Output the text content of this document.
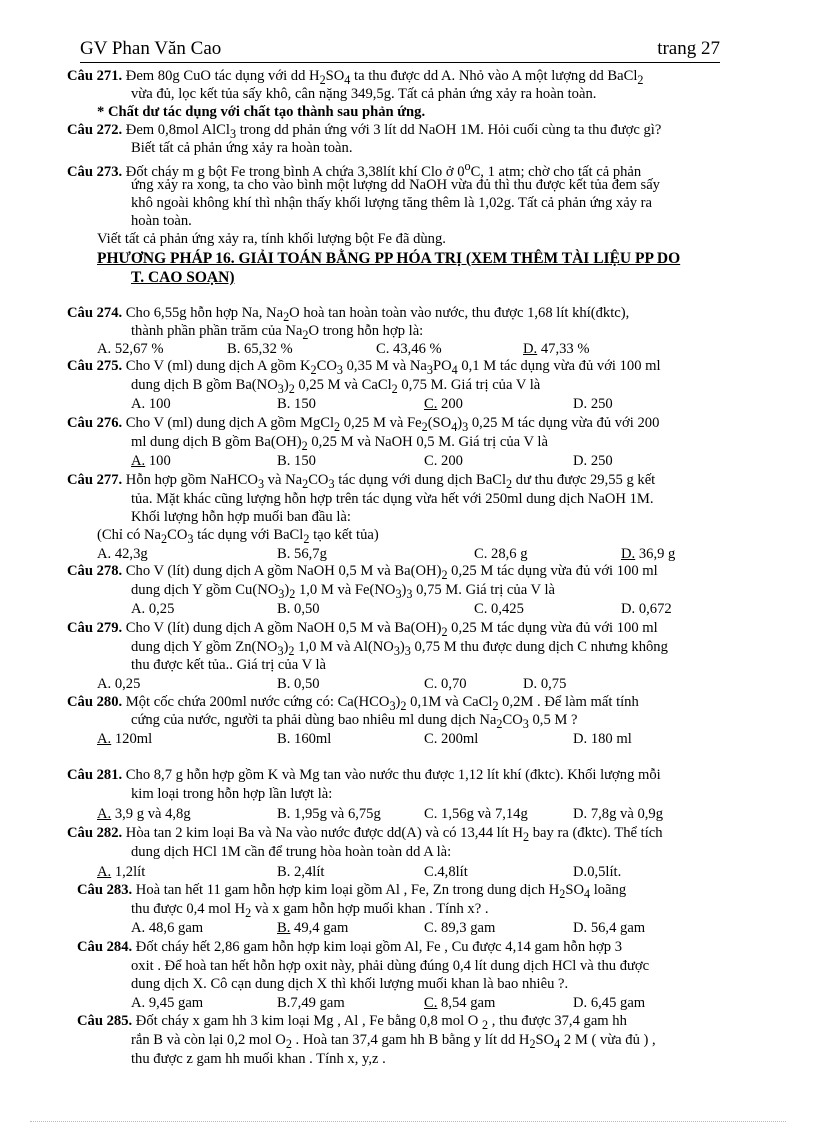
GV Phan Văn Cao	trang 27
Câu 271. Đem 80g CuO tác dụng với dd $H_2SO_4$ ta thu được dd A. Nhỏ vào A một lượng dd BaCl$_2$
vừa đủ, lọc kết tủa sấy khô, cân nặng 349,5g. Tất cả phản ứng xảy ra hoàn toàn.
* Chất dư tác dụng với chất tạo thành sau phản ứng.
Câu 272. Đem 0,8mol AlCl$_3$ trong dd phản ứng với 3 lít dd NaOH 1M. Hỏi cuối cùng ta thu được gì?
Biết tất cả phản ứng xảy ra hoàn toàn.
Câu 273. Đốt cháy m g bột Fe trong bình A chứa 3,38lít khí Clo ở 0$^o$C, 1 atm; chờ cho tất cả phản
ứng xảy ra xong, ta cho vào bình một lượng dd NaOH vừa đủ thì thu được kết tủa đem sấy
khô ngoài không khí thì nhận thấy khối lượng tăng thêm là 1,02g. Tất cả phản ứng xảy ra
hoàn toàn.
Viết tất cả phản ứng xảy ra, tính khối lượng bột Fe đã dùng.
Câu 274. Cho 6,55g hỗn hợp Na, $Na_2O$ hoà tan hoàn toàn vào nước, thu được 1,68 lít khí(đktc),
thành phần phần trăm của $Na_2O$ trong hỗn hợp là:
Câu 275. Cho V (ml) dung dịch A gồm $K_2CO_3$ 0,35 M và $Na_3PO_4$ 0,1 M tác dụng vừa đủ với 100 ml
dung dịch B gồm $Ba(NO_3)_2$ 0,25 M và CaCl$_2$ 0,75 M. Giá trị của V là
Câu 276. Cho V (ml) dung dịch A gồm MgCl$_2$ 0,25 M và $Fe_2(SO_4)_3$ 0,25 M tác dụng vừa đủ với 200
ml dung dịch B gồm $Ba(OH)_2$ 0,25 M và NaOH 0,5 M. Giá trị của V là
Câu 277. Hỗn hợp gồm NaHCO$_3$ và $Na_2CO_3$ tác dụng với dung dịch BaCl$_2$ dư thu được 29,55 g kết
tủa. Mặt khác cũng lượng hỗn hợp trên tác dụng vừa hết với 250ml dung dịch NaOH 1M.
Khối lượng hỗn hợp muối ban đầu là:
(Chỉ có $Na_2CO_3$ tác dụng với BaCl$_2$ tạo kết tủa)
Câu 278. Cho V (lít) dung dịch A gồm NaOH 0,5 M và $Ba(OH)_2$ 0,25 M tác dụng vừa đủ với 100 ml
dung dịch Y gồm $Cu(NO_3)_2$ 1,0 M và $Fe(NO_3)_3$ 0,75 M. Giá trị của V là
Câu 279. Cho V (lít) dung dịch A gồm NaOH 0,5 M và $Ba(OH)_2$ 0,25 M tác dụng vừa đủ với 100 ml
dung dịch Y gồm $Zn(NO_3)_2$ 1,0 M và $Al(NO_3)_3$ 0,75 M thu được dung dịch C nhưng không
thu được kết tủa.. Giá trị của V là
Câu 280. Một cốc chứa 200ml nước cứng có: $Ca(HCO_3)_2$ 0,1M và CaCl$_2$ 0,2M . Để làm mất tính
cứng của nước, người ta phải dùng bao nhiêu ml dung dịch $Na_2CO_3$ 0,5 M ?
Câu 281. Cho 8,7 g hỗn hợp gồm K và Mg tan vào nước thu được 1,12 lít khí (đktc). Khối lượng mỗi
kim loại trong hỗn hợp lần lượt là:
Câu 282. Hòa tan 2 kim loại Ba và Na vào nước được dd(A) và có 13,44 lít $H_2$ bay ra (đktc). Thể tích
dung dịch HCl 1M cần để trung hòa hoàn toàn dd A là:
Câu 283. Hoà tan hết 11 gam hỗn hợp kim loại gồm Al , Fe, Zn trong dung dịch $H_2SO_4$ loãng
thu được 0,4 mol $H_2$ và x gam hỗn hợp muối khan . Tính x? .
Câu 284. Đốt cháy hết 2,86 gam hỗn hợp kim loại gồm Al, Fe , Cu được 4,14 gam hỗn hợp 3
oxit . Để hoà tan hết hỗn hợp oxit này, phải dùng đúng 0,4 lít dung dịch HCl và thu được
dung dịch X. Cô cạn dung dịch X thì khối lượng muối khan là bao nhiêu ?.
Câu 285. Đốt cháy x gam hh 3 kim loại Mg , Al , Fe bằng 0,8 mol O $_2$ , thu được 37,4 gam hh
rắn B và còn lại 0,2 mol $O_2$ . Hoà tan 37,4 gam hh B bằng y lít dd $H_2SO_4$ 2 M ( vừa đủ ) ,
thu được z gam hh muối khan . Tính x, y,z .
PHƯƠNG PHÁP 16. GIẢI TOÁN BẰNG PP HÓA TRỊ (XEM THÊM TÀI LIỆU PP DO
T. CAO SOẠN)
A. 52,67 %	B. 65,32 %	C. 43,46 %	D. 47,33 %
A. 100	B. 150	C. 200	D. 250
A. 100	B. 150	C. 200	D. 250
A. 42,3g	B. 56,7g	C. 28,6 g	D. 36,9 g
A. 0,25	B. 0,50	C. 0,425	D. 0,672
A. 0,25	B. 0,50	C. 0,70	D. 0,75
A. 120ml	B. 160ml	C. 200ml	D. 180 ml
A. 3,9 g và 4,8g	B. 1,95g và 6,75g	C. 1,56g và 7,14g	D. 7,8g và 0,9g
A. 1,2lít	B. 2,4lít	C.4,8lít	D.0,5lít.
A. 48,6 gam	B. 49,4 gam	C. 89,3 gam	D. 56,4 gam
A. 9,45 gam	B.7,49 gam	C. 8,54 gam	D. 6,45 gam
